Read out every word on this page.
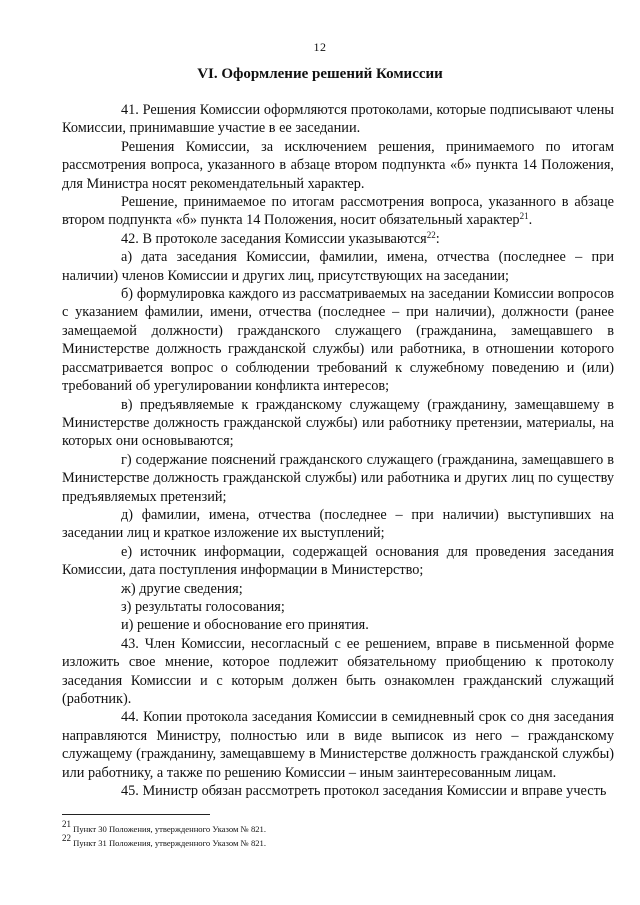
12
VI. Оформление решений Комиссии

41. Решения Комиссии оформляются протоколами, которые подписывают члены Комиссии, принимавшие участие в ее заседании.

Решения Комиссии, за исключением решения, принимаемого по итогам рассмотрения вопроса, указанного в абзаце втором подпункта «б» пункта 14 Положения, для Министра носят рекомендательный характер.

Решение, принимаемое по итогам рассмотрения вопроса, указанного в абзаце втором подпункта «б» пункта 14 Положения, носит обязательный характер$^{21}$.

42. В протоколе заседания Комиссии указываются$^{22}$:

а) дата заседания Комиссии, фамилии, имена, отчества (последнее – при наличии) членов Комиссии и других лиц, присутствующих на заседании;

б) формулировка каждого из рассматриваемых на заседании Комиссии вопросов с указанием фамилии, имени, отчества (последнее – при наличии), должности (ранее замещаемой должности) гражданского служащего (гражданина, замещавшего в Министерстве должность гражданской службы) или работника, в отношении которого рассматривается вопрос о соблюдении требований к служебному поведению и (или) требований об урегулировании конфликта интересов;

в) предъявляемые к гражданскому служащему (гражданину, замещавшему в Министерстве должность гражданской службы) или работнику претензии, материалы, на которых они основываются;

г) содержание пояснений гражданского служащего (гражданина, замещавшего в Министерстве должность гражданской службы) или работника и других лиц по существу предъявляемых претензий;

д) фамилии, имена, отчества (последнее – при наличии) выступивших на заседании лиц и краткое изложение их выступлений;

е) источник информации, содержащей основания для проведения заседания Комиссии, дата поступления информации в Министерство;

ж) другие сведения;

з) результаты голосования;

и) решение и обоснование его принятия.

43. Член Комиссии, несогласный с ее решением, вправе в письменной форме изложить свое мнение, которое подлежит обязательному приобщению к протоколу заседания Комиссии и с которым должен быть ознакомлен гражданский служащий (работник).

44. Копии протокола заседания Комиссии в семидневный срок со дня заседания направляются Министру, полностью или в виде выписок из него – гражданскому служащему (гражданину, замещавшему в Министерстве должность гражданской службы) или работнику, а также по решению Комиссии – иным заинтересованным лицам.

45. Министр обязан рассмотреть протокол заседания Комиссии и вправе учесть

$^{21}$ Пункт 30 Положения, утвержденного Указом № 821.

$^{22}$ Пункт 31 Положения, утвержденного Указом № 821.
